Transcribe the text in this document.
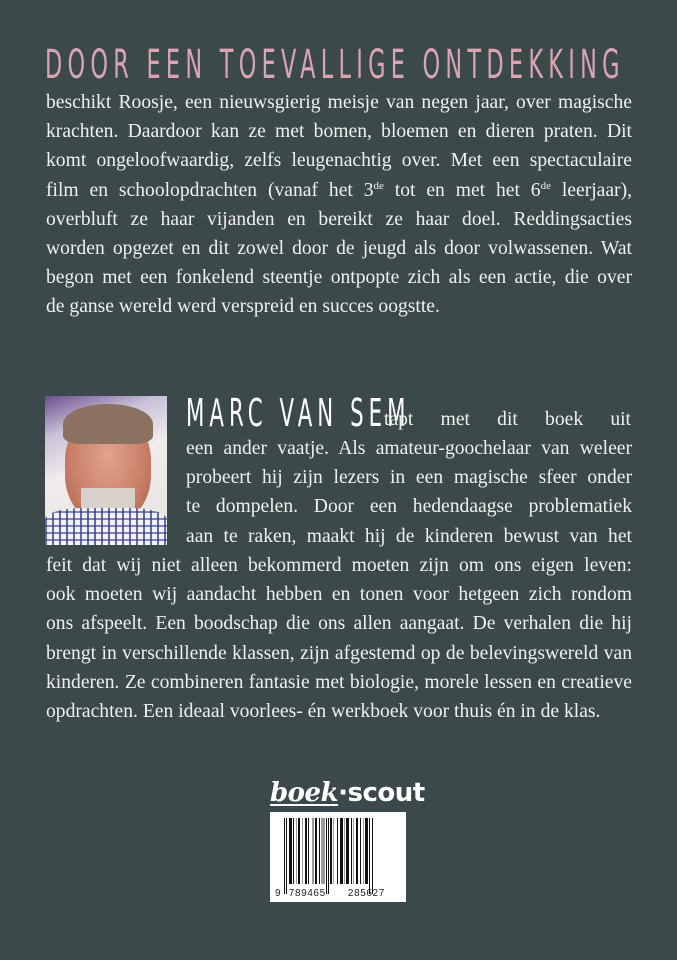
DOOR EEN TOEVALLIGE ONTDEKKING
beschikt Roosje, een nieuwsgierig meisje van negen jaar, over magische
krachten. Daardoor kan ze met bomen, bloemen en dieren praten. Dit
komt ongeloofwaardig, zelfs leugenachtig over. Met een spectaculaire
film en schoolopdrachten (vanaf het 3de tot en met het 6de leerjaar),
overbluft ze haar vijanden en bereikt ze haar doel. Reddingsacties
worden opgezet en dit zowel door de jeugd als door volwassenen. Wat
begon met een fonkelend steentje ontpopte zich als een actie, die over
de ganse wereld werd verspreid en succes oogstte.
MARC VAN SEM
tapt met dit boek uit
een ander vaatje. Als amateur-goochelaar van weleer
probeert hij zijn lezers in een magische sfeer onder
te dompelen. Door een hedendaagse problematiek
aan te raken, maakt hij de kinderen bewust van het
feit dat wij niet alleen bekommerd moeten zijn om ons eigen leven:
ook moeten wij aandacht hebben en tonen voor hetgeen zich rondom
ons afspeelt. Een boodschap die ons allen aangaat. De verhalen die hij
brengt in verschillende klassen, zijn afgestemd op de belevingswereld van
kinderen. Ze combineren fantasie met biologie, morele lessen en creatieve
opdrachten. Een ideaal voorlees- én werkboek voor thuis én in de klas.
boek·scout
9 789465	285627
